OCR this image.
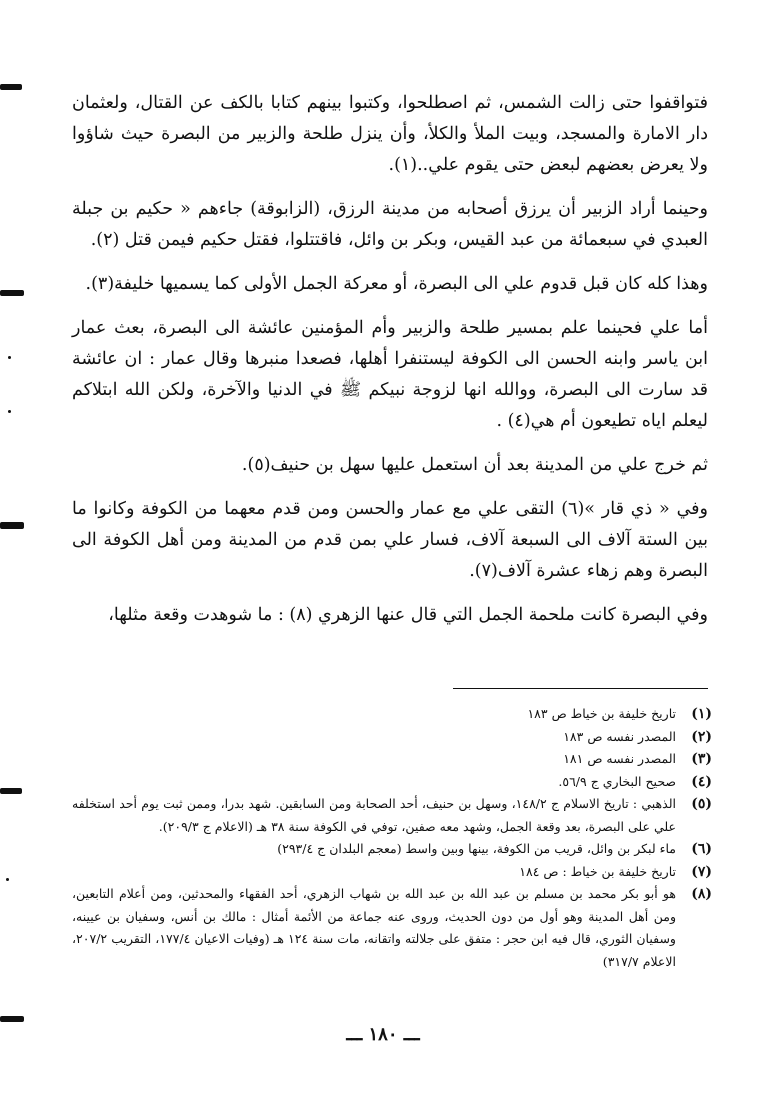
فتواقفوا حتى زالت الشمس، ثم اصطلحوا، وكتبوا بينهم كتابا بالكف عن القتال، ولعثمان دار الامارة والمسجد، وبيت الملأ والكلأ، وأن ينزل طلحة والزبير من البصرة حيث شاؤوا ولا يعرض بعضهم لبعض حتى يقوم علي..(١).

وحينما أراد الزبير أن يرزق أصحابه من مدينة الرزق، (الزابوقة) جاءهم « حكيم بن جبلة العبدي في سبعمائة من عبد القيس، وبكر بن وائل، فاقتتلوا، فقتل حكيم فيمن قتل (٢).

وهذا كله كان قبل قدوم علي الى البصرة، أو معركة الجمل الأولى كما يسميها خليفة(٣).

أما علي فحينما علم بمسير طلحة والزبير وأم المؤمنين عائشة الى البصرة، بعث عمار ابن ياسر وابنه الحسن الى الكوفة ليستنفرا أهلها، فصعدا منبرها وقال عمار : ان عائشة قد سارت الى البصرة، ووالله انها لزوجة نبيكم ﷺ في الدنيا والآخرة، ولكن الله ابتلاكم ليعلم اياه تطيعون أم هي(٤) .

ثم خرج علي من المدينة بعد أن استعمل عليها سهل بن حنيف(٥).

وفي « ذي قار »(٦) التقى علي مع عمار والحسن ومن قدم معهما من الكوفة وكانوا ما بين الستة آلاف الى السبعة آلاف، فسار علي بمن قدم من المدينة ومن أهل الكوفة الى البصرة وهم زهاء عشرة آلاف(٧).

وفي البصرة كانت ملحمة الجمل التي قال عنها الزهري (٨) : ما شوهدت وقعة مثلها،

(١)
تاريخ خليفة بن خياط ص ١٨٣
(٢)
المصدر نفسه ص ١٨٣
(٣)
المصدر نفسه ص ١٨١
(٤)
صحيح البخاري ج ٥٦/٩.
(٥)
الذهبي : تاريخ الاسلام ج ١٤٨/٢، وسهل بن حنيف، أحد الصحابة ومن السابقين. شهد بدرا، وممن ثبت يوم أحد استخلفه علي على البصرة، بعد وقعة الجمل، وشهد معه صفين، توفي في الكوفة سنة ٣٨ هـ (الاعلام ج ٢٠٩/٣).
(٦)
ماء لبكر بن وائل، قريب من الكوفة، بينها وبين واسط (معجم البلدان ج ٢٩٣/٤)
(٧)
تاريخ خليفة بن خياط : ص ١٨٤
(٨)
هو أبو بكر محمد بن مسلم بن عبد الله بن عبد الله بن شهاب الزهري، أحد الفقهاء والمحدثين، ومن أعلام التابعين، ومن أهل المدينة وهو أول من دون الحديث، وروى عنه جماعة من الأئمة أمثال : مالك بن أنس، وسفيان بن عيينه، وسفيان الثوري، قال فيه ابن حجر : متفق على جلالته واتقانه، مات سنة ١٢٤ هـ (وفيات الاعيان ١٧٧/٤، التقريب ٢٠٧/٢، الاعلام ٣١٧/٧)
ـــ ١٨٠ ـــ
